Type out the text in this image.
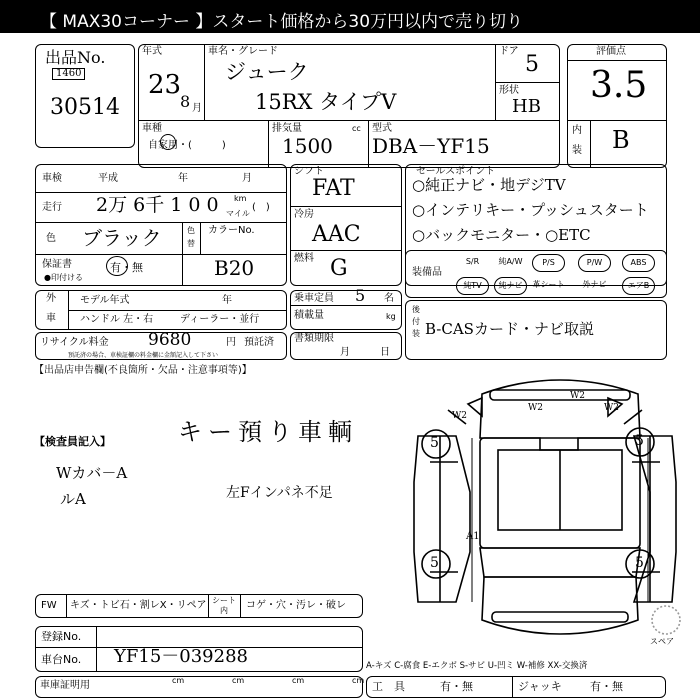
【 MAX30コーナー 】スタート価格から30万円以内で売り切り
出品No.
1460
30514
年式
23
8 月
車名・グレード
ジューク
15RX タイプV
ドア
5
形状
HB
車種
自家用・(　　　)
排気量	cc
1500
型式
DBA－YF15
評価点
3.5
内
装 B
車検	平成	年	月
走行 2万 6千 1 0 0 km
マイル
(　)
色 ブラック	色
替
カラーNo.
B20
保証書	有・無
●印付ける
シフト
FAT
冷房
AAC
燃料 G
セールスポイント
○純正ナビ・地デジTV
○インテリキー・プッシュスタート
○バックモニター・○ETC
装備品
S/R	純A/W	P/S	P/W	ABS
純TV	純ナビ	革シート	外ナビ	エアB
外
車
モデル年式	年
ハンドル 左・右	ディーラー・並行
乗車定員 5 名
積載量	kg
後
付
装 B-CASカード・ナビ取説
リサイクル料金 9680	円 預託済
預託済の場合、車検証欄の料金欄に金額記入して下さい
書類期限
月	日
【出品店申告欄(不良箇所・欠品・注意事項等)】
【検査員記入】	キー預り車輌
Wカバ－A
ルA	左Fインパネ不足
W2
W2
W2
W2
A1
5	5
5	5
スペア
FW キズ・トビ石・割レX・リペア シート
内 コゲ・穴・汚レ・破レ
登録No.
車台No. YF15－039288
車庫証明用	cm	cm	cm	cm
A-キズ C-腐食 E-エクボ S-サビ U-凹ミ W-補修 XX-交換済
工　具	有・無	ジャッキ	有・無
